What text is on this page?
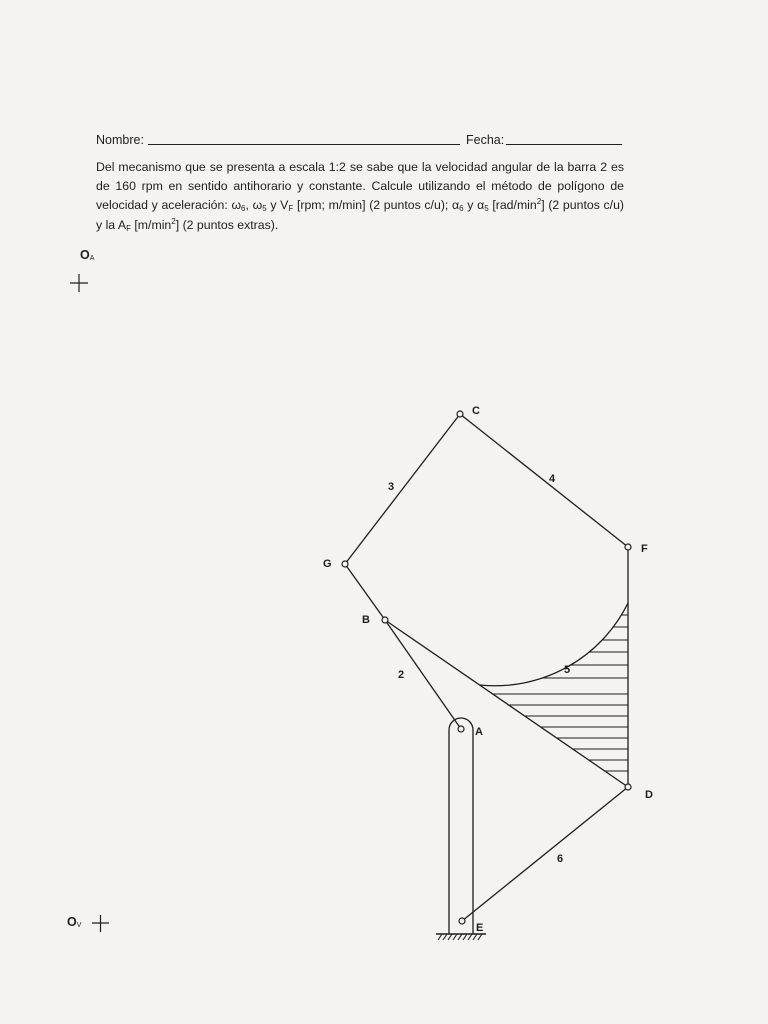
Nombre:	Fecha:
Del mecanismo que se presenta a escala 1:2 se sabe que la velocidad angular de la barra 2 es de 160 rpm en sentido antihorario y constante. Calcule utilizando el método de polígono de velocidad y aceleración: $\omega_6$, $\omega_5$ y $V_F$ [rpm; m/min] (2 puntos c/u); $\alpha_6$ y $\alpha_5$ $[rad/\min^2]$ (2 puntos c/u) y la $A_F$ $[m/\min^2]$ (2 puntos extras).
$O_A$
$O_V$
A
B
C
D
E
F
G
2
3
4
5
6
